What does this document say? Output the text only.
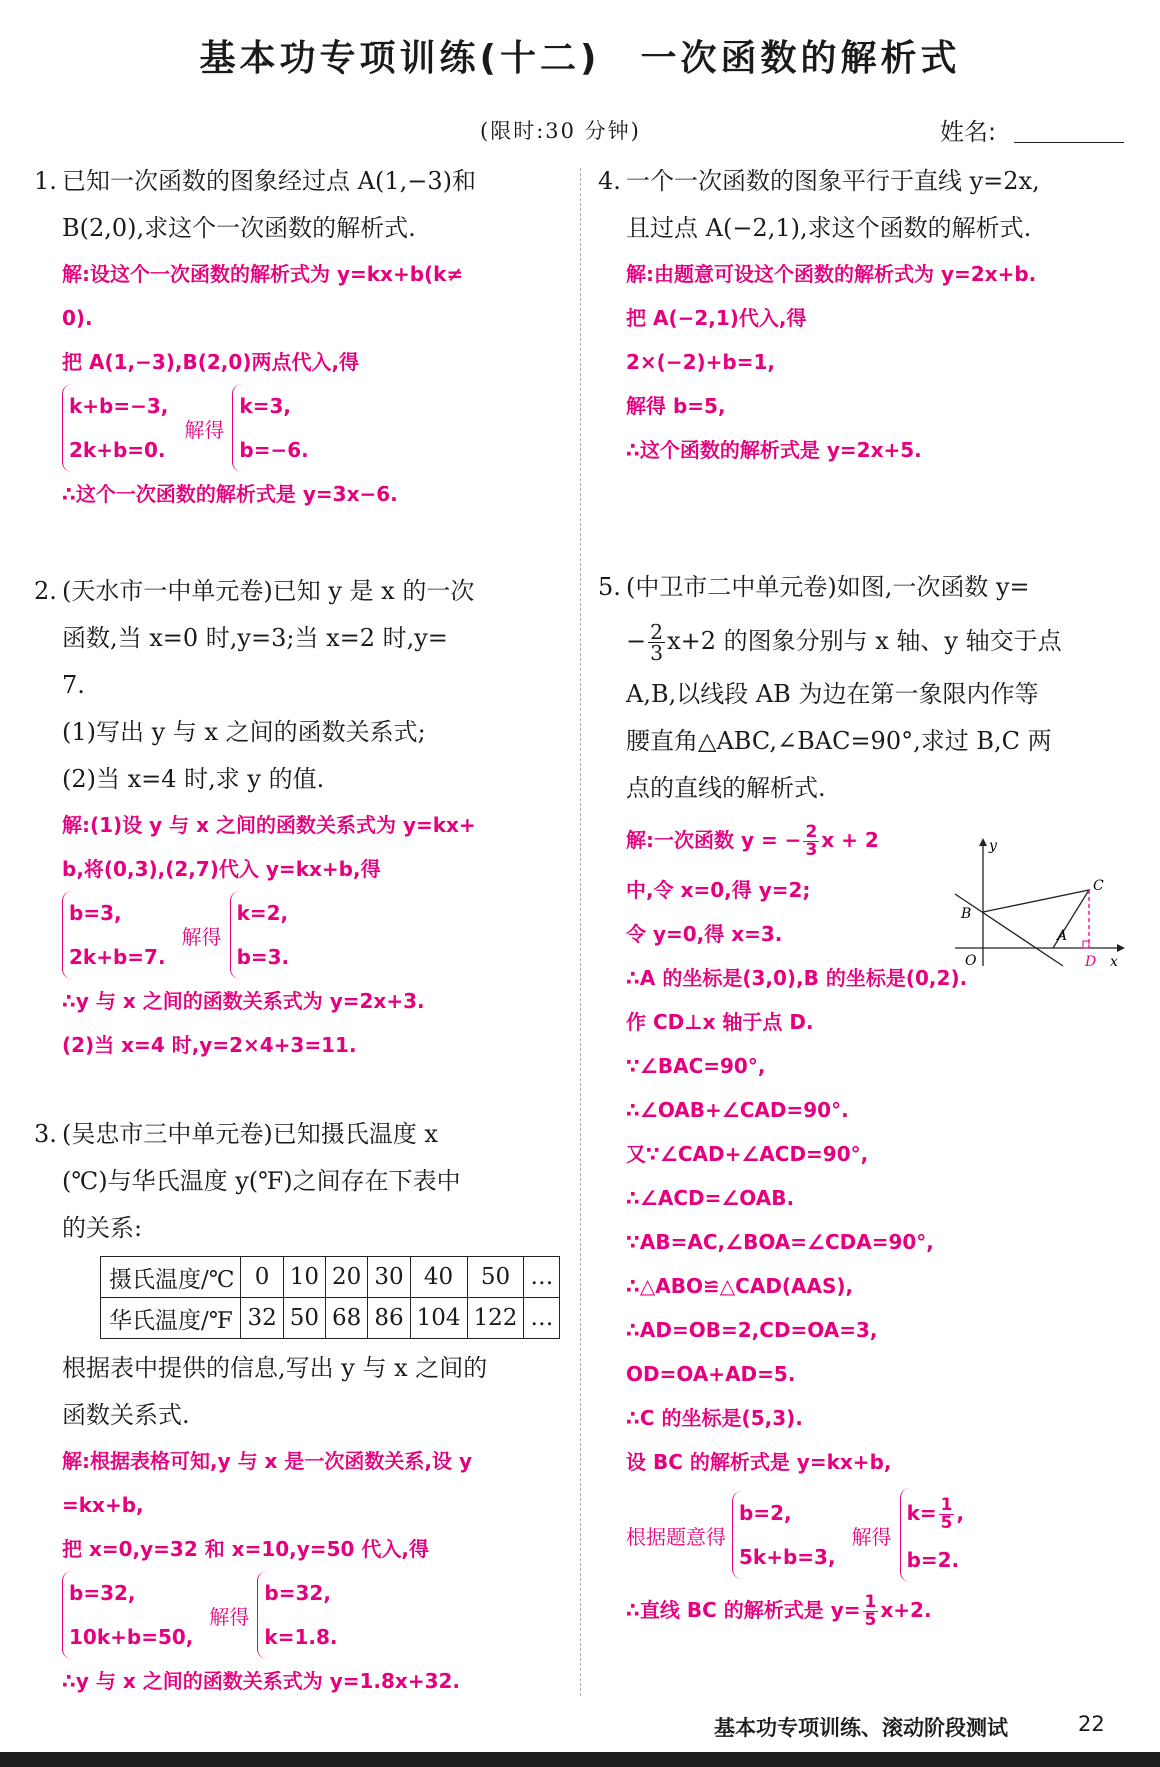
基本功专项训练(十二)　一次函数的解析式
(限时:30 分钟)	姓名:

1. 已知一次函数的图象经过点 A(1,−3)和

B(2,0),求这个一次函数的解析式.

解:设这个一次函数的解析式为 y=kx+b(k≠
0).
把 A(1,−3),B(2,0)两点代入,得
k+b=−3,
2k+b=0.
解得
k=3,
b=−6.
∴这个一次函数的解析式是 y=3x−6.

2. (天水市一中单元卷)已知 y 是 x 的一次

函数,当 x=0 时,y=3;当 x=2 时,y=

7.

(1)写出 y 与 x 之间的函数关系式;

(2)当 x=4 时,求 y 的值.

解:(1)设 y 与 x 之间的函数关系式为 y=kx+
b,将(0,3),(2,7)代入 y=kx+b,得
b=3,
2k+b=7.
解得
k=2,
b=3.
∴y 与 x 之间的函数关系式为 y=2x+3.
(2)当 x=4 时,y=2×4+3=11.

3. (吴忠市三中单元卷)已知摄氏温度 x

(℃)与华氏温度 y(℉)之间存在下表中

的关系:

摄氏温度/℃	0	10	20	30	40	50	…
华氏温度/℉	32	50	68	86	104	122	…

根据表中提供的信息,写出 y 与 x 之间的

函数关系式.

解:根据表格可知,y 与 x 是一次函数关系,设 y
=kx+b,
把 x=0,y=32 和 x=10,y=50 代入,得
b=32,
10k+b=50,
解得
b=32,
k=1.8.
∴y 与 x 之间的函数关系式为 y=1.8x+32.

4. 一个一次函数的图象平行于直线 y=2x,

且过点 A(−2,1),求这个函数的解析式.

解:由题意可设这个函数的解析式为 y=2x+b.
把 A(−2,1)代入,得
2×(−2)+b=1,
解得 b=5,
∴这个函数的解析式是 y=2x+5.

5. (中卫市二中单元卷)如图,一次函数 y=

− $\frac{2}{3} x+2$ 的图象分别与 x 轴、y 轴交于点

A,B,以线段 AB 为边在第一象限内作等

腰直角△ABC,∠BAC=90°,求过 B,C 两

点的直线的解析式.

解:一次函数 y = − $\frac{2}{3}$ x + 2
中,令 x=0,得 y=2;
令 y=0,得 x=3.
∴A 的坐标是(3,0),B 的坐标是(0,2).
作 CD⊥x 轴于点 D.
∵∠BAC=90°,
∴∠OAB+∠CAD=90°.
又∵∠CAD+∠ACD=90°,
∴∠ACD=∠OAB.
∵AB=AC,∠BOA=∠CDA=90°,
∴△ABO≌△CAD(AAS),
∴AD=OB=2,CD=OA=3,
OD=OA+AD=5.
∴C 的坐标是(5,3).
设 BC 的解析式是 y=kx+b,
根据题意得
b=2,
5k+b=3,
解得
$k= \frac{1}{5}$ ,
b=2.
∴直线 BC 的解析式是 $y= \frac{1}{5} x+2$.
y
x
O
B
A
C
D
基本功专项训练、滚动阶段测试	22
